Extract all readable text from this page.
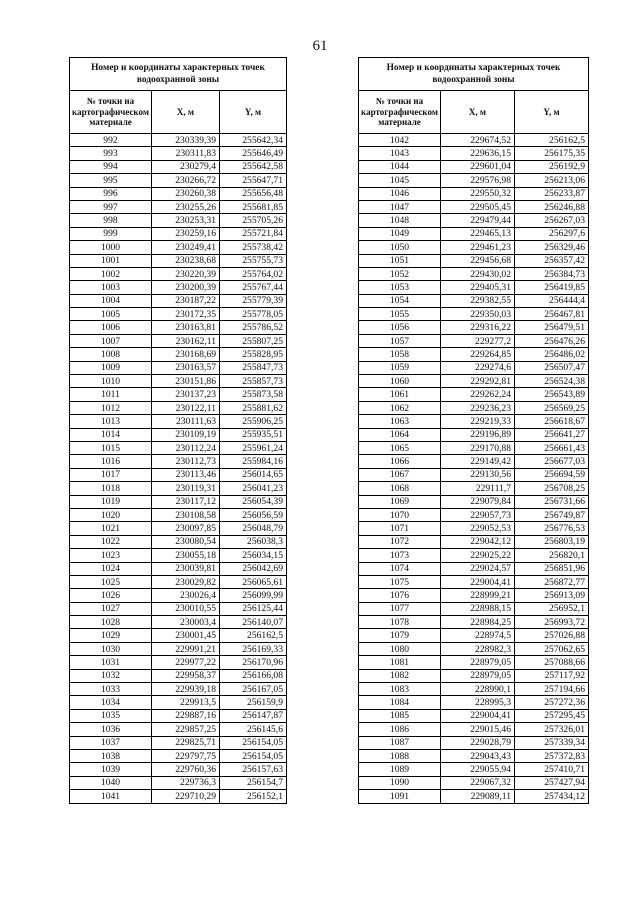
61
Номер и координаты характерных точек водоохранной зоны		
№ точки на картографическом материале	X, м	Y, м
992	230339,39	255642,34
993	230311,83	255646,49
994	230279,4	255642,58
995	230266,72	255647,71
996	230260,38	255656,48
997	230255,26	255681,85
998	230253,31	255705,26
999	230259,16	255721,84
1000	230249,41	255738,42
1001	230238,68	255755,73
1002	230220,39	255764,02
1003	230200,39	255767,44
1004	230187,22	255779,39
1005	230172,35	255778,05
1006	230163,81	255786,52
1007	230162,11	255807,25
1008	230168,69	255828,95
1009	230163,57	255847,73
1010	230151,86	255857,73
1011	230137,23	255873,58
1012	230122,11	255881,62
1013	230111,63	255906,25
1014	230109,19	255935,51
1015	230112,24	255961,24
1016	230112,73	255984,16
1017	230113,46	256014,65
1018	230119,31	256041,23
1019	230117,12	256054,39
1020	230108,58	256056,59
1021	230097,85	256048,79
1022	230080,54	256038,3
1023	230055,18	256034,15
1024	230039,81	256042,69
1025	230029,82	256065,61
1026	230026,4	256099,99
1027	230010,55	256125,44
1028	230003,4	256140,07
1029	230001,45	256162,5
1030	229991,21	256169,33
1031	229977,22	256170,96
1032	229958,37	256166,08
1033	229939,18	256167,05
1034	229913,5	256159,9
1035	229887,16	256147,87
1036	229857,25	256145,6
1037	229825,71	256154,05
1038	229797,75	256154,05
1039	229760,36	256157,63
1040	229736,3	256154,7
1041	229710,29	256152,1
Номер и координаты характерных точек водоохранной зоны		
№ точки на картографическом материале	X, м	Y, м
1042	229674,52	256162,5
1043	229636,15	256175,35
1044	229601,04	256192,9
1045	229576,98	256213,06
1046	229550,32	256233,87
1047	229505,45	256246,88
1048	229479,44	256267,03
1049	229465,13	256297,6
1050	229461,23	256329,46
1051	229456,68	256357,42
1052	229430,02	256384,73
1053	229405,31	256419,85
1054	229382,55	256444,4
1055	229350,03	256467,81
1056	229316,22	256479,51
1057	229277,2	256476,26
1058	229264,85	256486,02
1059	229274,6	256507,47
1060	229292,81	256524,38
1061	229262,24	256543,89
1062	229236,23	256569,25
1063	229219,33	256618,67
1064	229196,89	256641,27
1065	229170,88	256661,43
1066	229149,42	256677,03
1067	229130,56	256694,59
1068	229111,7	256708,25
1069	229079,84	256731,66
1070	229057,73	256749,87
1071	229052,53	256776,53
1072	229042,12	256803,19
1073	229025,22	256820,1
1074	229024,57	256851,96
1075	229004,41	256872,77
1076	228999,21	256913,09
1077	228988,15	256952,1
1078	228984,25	256993,72
1079	228974,5	257026,88
1080	228982,3	257062,65
1081	228979,05	257088,66
1082	228979,05	257117,92
1083	228990,1	257194,66
1084	228995,3	257272,36
1085	229004,41	257295,45
1086	229015,46	257326,01
1087	229028,79	257339,34
1088	229043,43	257372,83
1089	229055,94	257410,71
1090	229067,32	257427,94
1091	229089,11	257434,12
